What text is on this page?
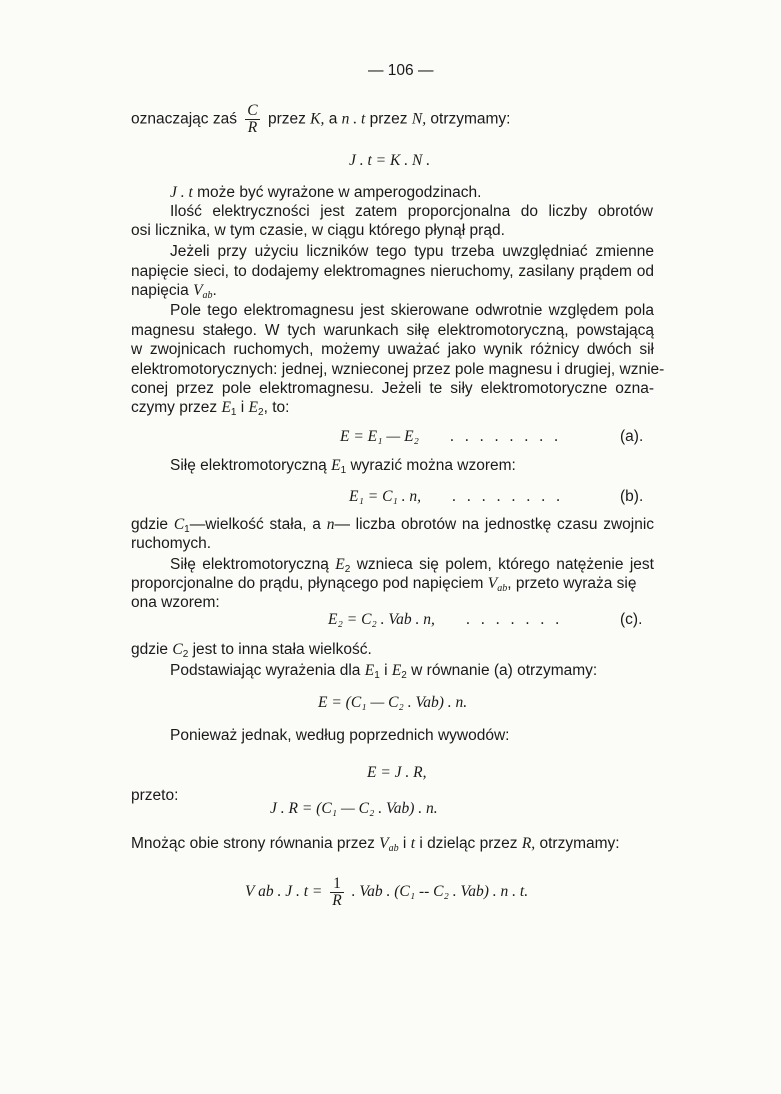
— 106 —
oznaczając zaś $\frac{C}{R}$ przez K, a n . t przez N, otrzymamy:
J . t = K . N .
J . t może być wyrażone w amperogodzinach.
Ilość elektryczności jest zatem proporcjonalna do liczby obrotów
osi licznika, w tym czasie, w ciągu którego płynął prąd.
Jeżeli przy użyciu liczników tego typu trzeba uwzględniać zmienne
napięcie sieci, to dodajemy elektromagnes nieruchomy, zasilany prądem od
napięcia $V_{ab}$.
Pole tego elektromagnesu jest skierowane odwrotnie względem pola
magnesu stałego. W tych warunkach siłę elektromotoryczną, powstającą
w zwojnicach ruchomych, możemy uważać jako wynik różnicy dwóch sił
elektromotorycznych: jednej, wznieconej przez pole magnesu i drugiej, wznie-
conej przez pole elektromagnesu. Jeżeli te siły elektromotoryczne ozna-
czymy przez $E_1$ i $E_2$, to:
E = E₁ — E₂ ........	(a).
Siłę elektromotoryczną $E_1$ wyrazić można wzorem:
E₁ = C₁ . n, ........	(b).
gdzie $C_1—wielkość$ stała, a n— liczba obrotów na jednostkę czasu zwojnic
ruchomych.
Siłę elektromotoryczną $E_2$ wznieca się polem, którego natężenie jest
proporcjonalne do prądu, płynącego pod napięciem $V_{ab}$, przeto wyraża się
ona wzorem:
E₂ = C₂ . Vab . n, .......	(c).
gdzie $C_2$ jest to inna stała wielkość.
Podstawiając wyrażenia dla $E_1$ i $E_2$ w równanie (a) otrzymamy:
E = (C₁ — C₂ . Vab) . n.
Ponieważ jednak, według poprzednich wywodów:
E = J . R,
przeto:
J . R = (C₁ — C₂ . Vab) . n.
Mnożąc obie strony równania przez $V_{ab}$ i t i dzieląc przez R, otrzymamy:
V ab . J . $t = \frac{1}{R}$ . Vab . (C₁ -- C₂ . Vab) . n . t.
